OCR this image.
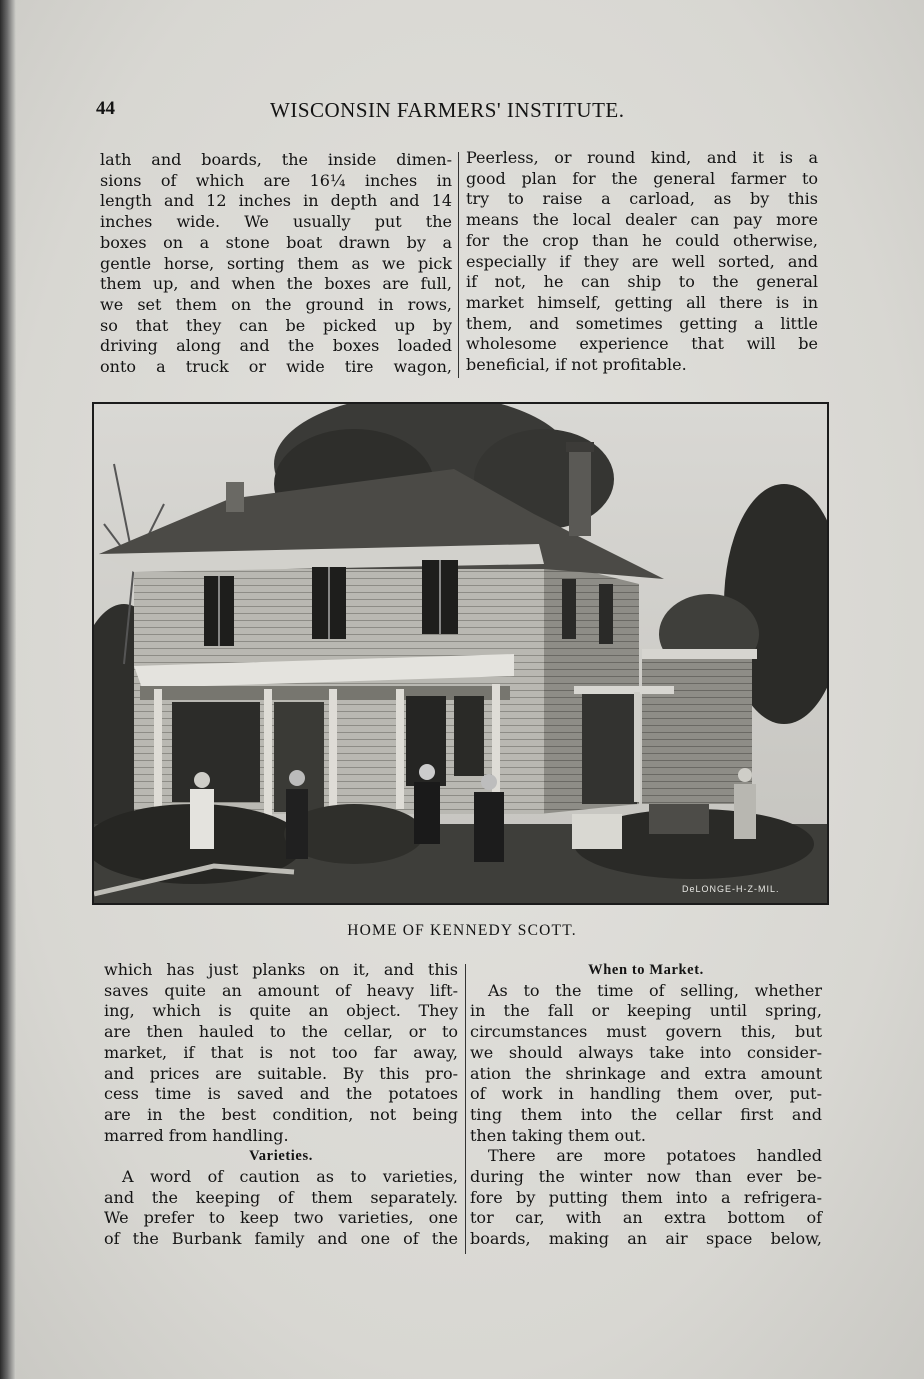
44	WISCONSIN FARMERS' INSTITUTE.

lath and boards, the inside dimen-

sions of which are 16¼ inches in

length and 12 inches in depth and 14

inches wide. We usually put the

boxes on a stone boat drawn by a

gentle horse, sorting them as we pick

them up, and when the boxes are full,

we set them on the ground in rows,

so that they can be picked up by

driving along and the boxes loaded

onto a truck or wide tire wagon,

Peerless, or round kind, and it is a

good plan for the general farmer to

try to raise a carload, as by this

means the local dealer can pay more

for the crop than he could otherwise,

especially if they are well sorted, and

if not, he can ship to the general

market himself, getting all there is in

them, and sometimes getting a little

wholesome experience that will be

beneficial, if not profitable.

DeLONGE-H-Z-MIL.
HOME OF KENNEDY SCOTT.

which has just planks on it, and this

saves quite an amount of heavy lift-

ing, which is quite an object. They

are then hauled to the cellar, or to

market, if that is not too far away,

and prices are suitable. By this pro-

cess time is saved and the potatoes

are in the best condition, not being

marred from handling.

Varieties.

A word of caution as to varieties,

and the keeping of them separately.

We prefer to keep two varieties, one

of the Burbank family and one of the

When to Market.

As to the time of selling, whether

in the fall or keeping until spring,

circumstances must govern this, but

we should always take into consider-

ation the shrinkage and extra amount

of work in handling them over, put-

ting them into the cellar first and

then taking them out.

There are more potatoes handled

during the winter now than ever be-

fore by putting them into a refrigera-

tor car, with an extra bottom of

boards, making an air space below,
